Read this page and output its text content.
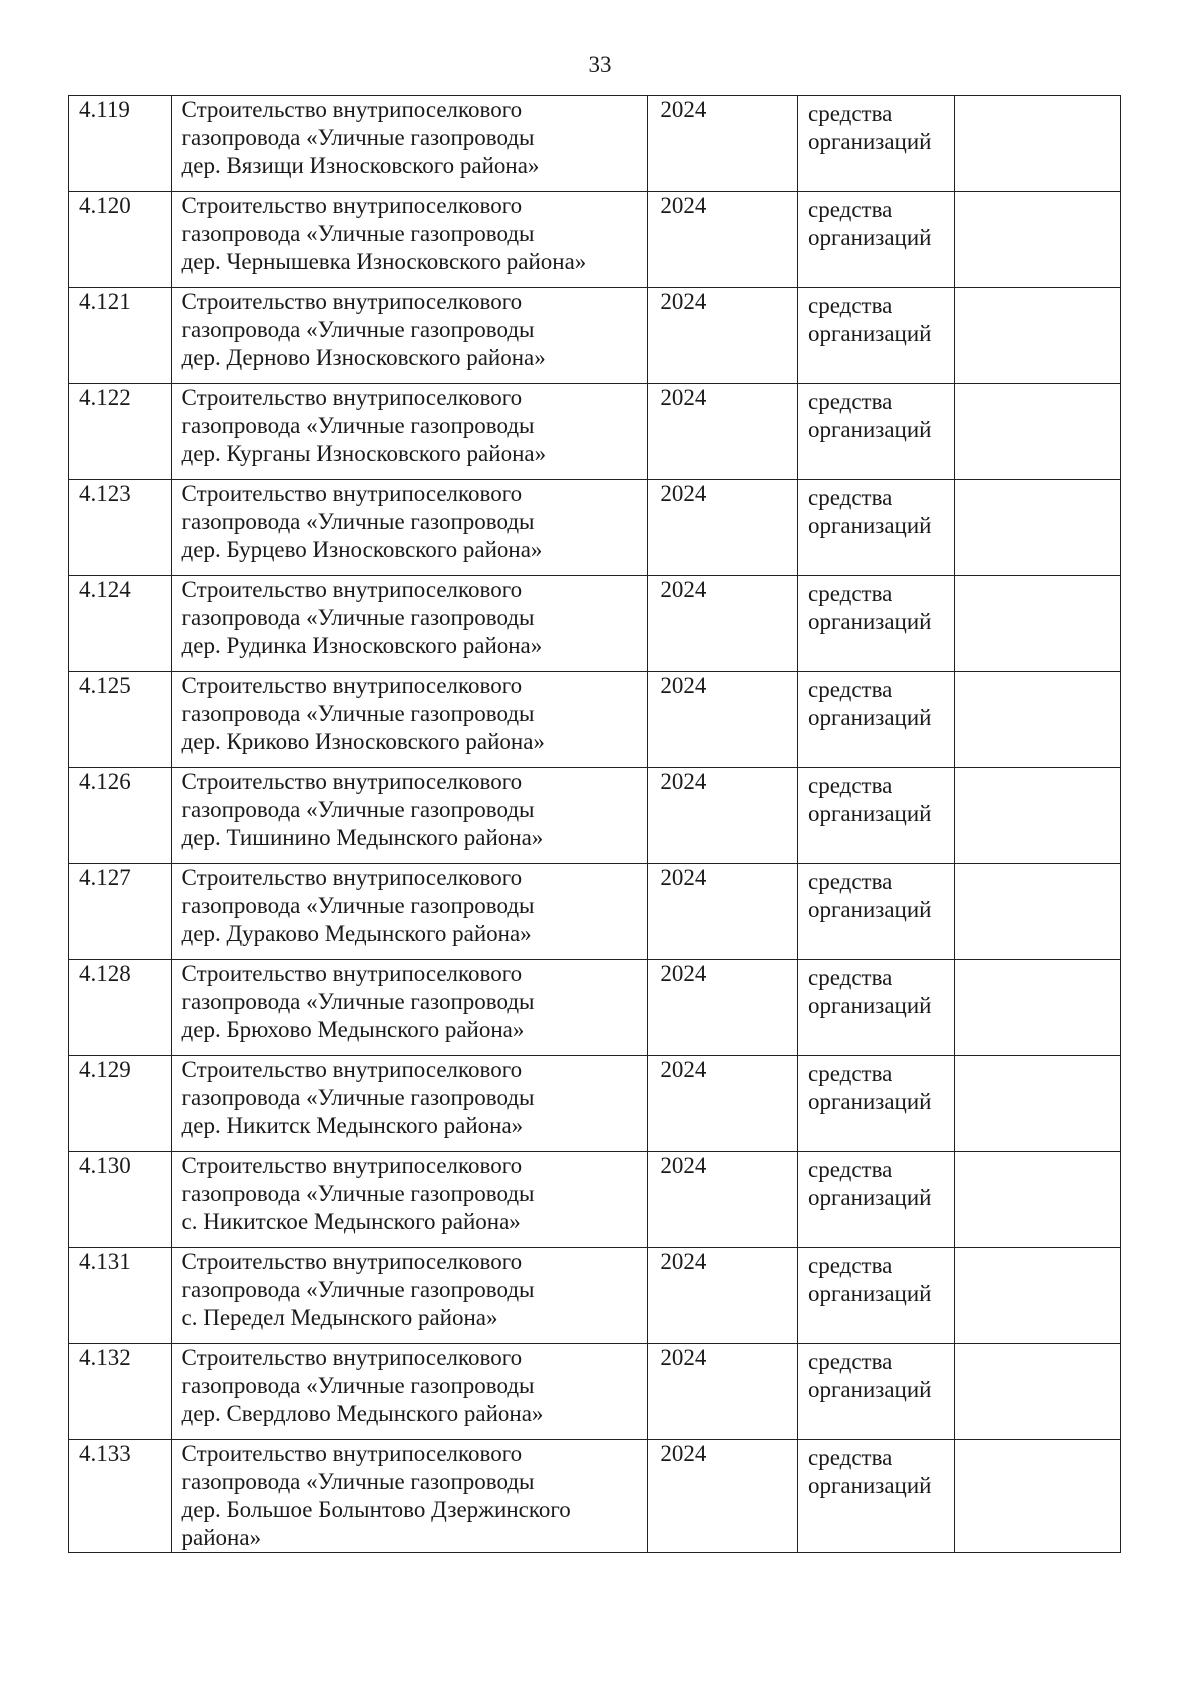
33
4.119	Строительство внутрипоселкового
газопровода «Уличные газопроводы
дер. Вязищи Износковского района»	2024	средства
организаций	

4.120	Строительство внутрипоселкового
газопровода «Уличные газопроводы
дер. Чернышевка Износковского района»	2024	средства
организаций	

4.121	Строительство внутрипоселкового
газопровода «Уличные газопроводы
дер. Дерново Износковского района»	2024	средства
организаций	

4.122	Строительство внутрипоселкового
газопровода «Уличные газопроводы
дер. Курганы Износковского района»	2024	средства
организаций	

4.123	Строительство внутрипоселкового
газопровода «Уличные газопроводы
дер. Бурцево Износковского района»	2024	средства
организаций	

4.124	Строительство внутрипоселкового
газопровода «Уличные газопроводы
дер. Рудинка Износковского района»	2024	средства
организаций	

4.125	Строительство внутрипоселкового
газопровода «Уличные газопроводы
дер. Криково Износковского района»	2024	средства
организаций	

4.126	Строительство внутрипоселкового
газопровода «Уличные газопроводы
дер. Тишинино Медынского района»	2024	средства
организаций	

4.127	Строительство внутрипоселкового
газопровода «Уличные газопроводы
дер. Дураково Медынского района»	2024	средства
организаций	

4.128	Строительство внутрипоселкового
газопровода «Уличные газопроводы
дер. Брюхово Медынского района»	2024	средства
организаций	

4.129	Строительство внутрипоселкового
газопровода «Уличные газопроводы
дер. Никитск Медынского района»	2024	средства
организаций	

4.130	Строительство внутрипоселкового
газопровода «Уличные газопроводы
с. Никитское Медынского района»	2024	средства
организаций	

4.131	Строительство внутрипоселкового
газопровода «Уличные газопроводы
с. Передел Медынского района»	2024	средства
организаций	

4.132	Строительство внутрипоселкового
газопровода «Уличные газопроводы
дер. Свердлово Медынского района»	2024	средства
организаций	

4.133	Строительство внутрипоселкового
газопровода «Уличные газопроводы
дер. Большое Болынтово Дзержинского
района»	2024	средства
организаций	
